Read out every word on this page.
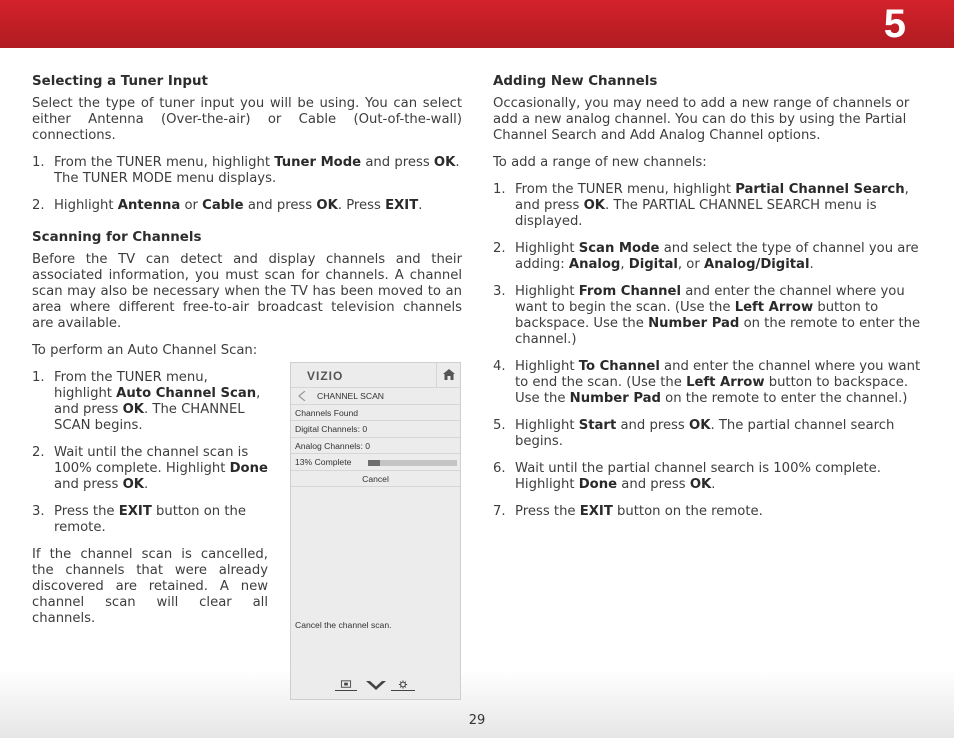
5
Selecting a Tuner Input

Select the type of tuner input you will be using. You can select either Antenna (Over-the-air) or Cable (Out-of-the-wall) connections.

1. From the TUNER menu, highlight Tuner Mode and press OK. The TUNER MODE menu displays.
2. Highlight Antenna or Cable and press OK. Press EXIT.
Scanning for Channels

Before the TV can detect and display channels and their associated information, you must scan for channels. A channel scan may also be necessary when the TV has been moved to an area where different free-to-air broadcast television channels are available.

To perform an Auto Channel Scan:

1. From the TUNER menu, highlight Auto Channel Scan, and press OK. The CHANNEL SCAN begins.
2. Wait until the channel scan is 100% complete. Highlight Done and press OK.
3. Press the EXIT button on the remote.

If the channel scan is cancelled, the channels that were already discovered are retained. A new channel scan will clear all channels.

VIZIO
CHANNEL SCAN
Channels Found
Digital Channels: 0
Analog Channels: 0
13% Complete
Cancel
Cancel the channel scan.
Adding New Channels

Occasionally, you may need to add a new range of channels or add a new analog channel. You can do this by using the Partial Channel Search and Add Analog Channel options.

To add a range of new channels:

1. From the TUNER menu, highlight Partial Channel Search, and press OK. The PARTIAL CHANNEL SEARCH menu is displayed.
2. Highlight Scan Mode and select the type of channel you are adding: Analog, Digital, or Analog/Digital.
3. Highlight From Channel and enter the channel where you want to begin the scan. (Use the Left Arrow button to backspace. Use the Number Pad on the remote to enter the channel.)
4. Highlight To Channel and enter the channel where you want to end the scan. (Use the Left Arrow button to backspace. Use the Number Pad on the remote to enter the channel.)
5. Highlight Start and press OK. The partial channel search begins.
6. Wait until the partial channel search is 100% complete. Highlight Done and press OK.
7. Press the EXIT button on the remote.
29
